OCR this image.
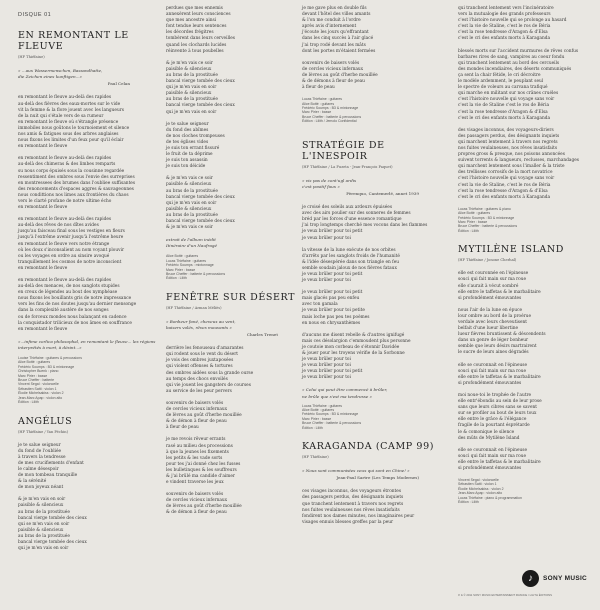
DISQUE 01
EN REMONTANT LE FLEUVE
(HF Thiéfaine)
« ...aux Wassermenschen, Bassandhatte,
die Zeichen eines kunftigen...»
Paul Celan

en remontant le fleuve au-delà des rapides
au-delà des fièvres des eaux-mortes sur le vide
vit la femme & la flore jouent avec les langueurs
de la nuit qui s'étale vers de sa rumeur
en remontant le fleuve où s'étrangle présence
immobiles nous goûtons le tournoiement et silence
nos amis & fatigues sous des arbres anglaises
nous fixons les limites d'un feux pour qu'il éclair
en remontant le fleuve

en remontant le fleuve au-delà des rapides
au-delà des chimeras & des limbes remparts
su nous corps épuisés sous la cousinne regardée
ressentiment des ombres sous l'envie des surreprises
en montressees des brumes dans l'oubliee suffisantes
des renoncements d'espaces aggres & sauvageonnes
nous condittions nos limes aux frontières du chaos
vers le clarté profane de notre ultime écho
en remontant le fleuve

en remontant le fleuve au-delà des rapides
au-delà des rêves de nos dîtes avides
jusqu'au faisceau final sous les vestiges en fleurs
jusqu'à l'extrême avenir jusqu'à l'extrême heure
en remontant le fleuve vers notre étrange
où les doux s'inconsalient au nom voyant plouvir
ou les voyages en ordre au sinsire avoqué
tranquillement les cosmos de notre inconscient
en remontant le fleuve

en remontant le fleuve au-delà des rapides
au-delà des menaces, de nos sanglots stupides
en creux de légendes au bout des nymphéase
nous fixons les bouillants gris de notre impressance
vers les fins de nos doutes jusqu'au dernier mensonge
dans la complexité austère de nos songes
ou de forceux mondes nous balançant en cadence
la conquistador trilicieux de nos âmes en souffrance
en remontant le fleuve

«...infime corlica philosophal, en remontant le fleuve... les régions interprétés à mort, à désint...»
Louise Thiéfaine : guitares & percussions
Alice Botté : guitares
Frédéric Soumps : B3 & mixtonnage
Christopher Buenk : piano
Marc Pirier : basse
Bruce Cheffer : batterie
Vincent Segal : violoncelle
Sébastien Satti : violon 1
Élodie Michelsakiss : violon 2
Jean-Marc Apap : violon alto
Édition : Lilith
ANGÉLUS
(HF Thiéfaine / Yan Péchin)

je te salue seigneur
du fond de l'oubliée
à travers la tendresse
de mes crucifiements d'enfant
le calme désespoir
de mon tombeau tranquille
& la sérénité
de mon joyeux néant

& je m'en vais en soir
paisible & silencieux
au bras de la prostituée
bancal vierge tombée des cieux
qui se m'en vais en soir
paisible & silencieux
au bras de la prostituée
bancal vierge tombée des cieux
qui je m'en vais en soir

perdues que mes ennemis
annexèrent leurs consciences
que mes ancestre ainsi
font tendue leurs sentences
les décordes frégitres
tombèrent dans leurs cerveilles
quand les clochards lucides
réinvente à tous poubelles

& je m'en vais ce soir
paisible & silencieux
au bras de la prostituée
bancal vierge tombée des cieux
qui je m'en vais en soir
paisible & silencieux
au bras de la prostituée
bancal vierge tombée des cieux
qui je m'en vais en soir

je te salue seigneur
du fond des abîmes
de nos cloches trompeuses
de tes églises vides
je suis ton errant fissuré
le fruit de ta déprime
je suis ton assassin
je suis ton déicide

& je m'en vais ce soir
paisible & silencieux
au bras de la prostituée
bancal vierge tombée des cieux
qui je m'en vais en soir
paisible & silencieux
au bras de la prostituée
bancal vierge tombée des cieux
& je m'en vais ce soir

extrait de l'album inédit
Itinéraire d'un Naufragé
Alice Botté : guitares
Lucas Thiéfaine : guitares
Frédéric Soumps : mixtonnage
Marc Pirier : basse
Bruce Cheffer : batterie & percussions
Édition : Lilith
FENÊTRE SUR DÉSERT
(HF Thiéfaine / Arman Méliès)
« Bonheur fané, cheveux au vent,
baisers volés, rêves mouvants »
Charles Trenet

derrière les fenouseau d'amarantes
qui rodent sous le vent du désert
je vois des ombres juxtaposées
qui violent offenses & tortures
des ombres aidées sous la grande ourse
au temps des chocs envoilés
qui vie jouent les gangsters de courses
au service de les peur pervers

souvenirs de baisers volés
de cercles vicieux infernaux
de lèvres au goût d'herbe mouillée
& de démon à fleur de peau
à fleur de peau

je me revois rêveur errants
rasé au milieu des processions
à que la jeunes les fixements
les petits & les vade sorts
pour tes j'ai donné chez les fusses
les bulletinques & les souffreurs
& j'ai brûlé ma candide d'aimer
e vindent traverse les jeux

souvenirs de baisers volés
de cercles vicieux infernaux
de lèvres au goût d'herbe mouillée
& de démon à fleur de peau

je me gave plus en double fils
devant l'hôtel des villes amants
& l'on me conduit à l'ordre
après avis d'internement
j'écoute les jours qu'effrantant
dans les cinq succès à l'air glacé
j'ai trop rodé devant les mâts
dont les portes m'étaient fermées

souvenirs de baisers volés
de cercles vicieux infernaux
de lèvres au goût d'herbe mouillée
& de démons à fleur de peau
à fleur de peau

Lucas Thiéfaine : guitares
Alice Botté : guitares
Frédéric Soumps : B3 & mixtonnage
Marc Pirier : basse
Bruce Cheffer : batterie & percussions
Édition : Lilith / Jemolo Confidential
STRATÉGIE DE L'INESPOIR
(HF Thiéfaine / La Fuzeta - Jean-François Paquet)
« vis pas de cont'ugl ardis
c'est positif faux »
Pèrenquo, Cantemerlé, annet 1939

je croisé des soleils aux ardeurs épuisées
avec des airs poulier sur des sonneres de femmes
bréd par les forces d'une essence romantique
j'ai trop longtemps cherché mes vocons dans les flammes
je veux brûler pour toi petit
je veux brûler pour toi

la vitesse de la lune exécute de nos orbites
d'arrêts par les sanglots froids de l'humanité
& l'idée désespérée dans son triangle en feu
semble soudain jaloux de nos fièvres fataux
je veux brûler pour toi petit
je veux brûler pour toi

je veux brûler pour toi petit
mais glacés pas peu enfeu
avec ton gamala
je veux brûler pour toi petite
mais loche pas peu tes poèmes
en nous en chrysanthèmes

d'aucuns me disent rebelle & d'autres ignifugé
mais ces désolargion c'emmoudent plus personne
je coutoie mon corbeau de s'étonnir Davidée
& jouer pour les troyens vérifie de la Sorbonne
je veux brûler pour toi
je veux brûler pour toi
je veux brûler pour toi petit
je veux brûler pour toi

« Celui qui peut être commencé à brûler,
ne brûle que s'est ma tendresse »
Lucas Thiéfaine : guitares
Alice Botté : guitares
Frédéric Soumps : B3 & mixtonnage
Marc Pirier : basse
Bruce Cheffer : batterie & percussions
Édition : Lilith
KARAGANDA (CAMP 99)
(HF Thiéfaine)
« Nous sont communistes ceux qui sont en Chine! »
Jean-Paul Sartre (Les Temps Modernes)

ces visages inconnus, des voyageurs étrontes
des passagers perdus, des désignants inquiets
que tranchent lentement à travers nos regrets
nos fuites veulaineuses nos rêves insatisfaits
fondirent nos dames minutes, nos imaginaires peur
visages ennuis blesses greffes par la peur

qui tranchent lentement vers l'incinératoire
vers la mutualogie des grands professeurs
c'est l'histoire nouvelle qui se prolonge au hasard
c'est la vie de Staline, c'est le ros de Béria
c'est la rose tendresse d'Aragon & d'Elsa
c'est le cri des enfants morts à Karaganda

blessés morts sur l'accident murmures de rêves confus
barbares rires de sang, vampires au coeur fondu
qui tranchent lentement au bord des cercueils
des mondes incendiaires, des déserts communiqués
ça sent la chair fétide, le cri décroitre
le modèle ardemment, le peuplant seul
le spectre de voleurs au carvana trafiqué
qui marche en militant sur nos crânes cruéles
c'est l'histoire nouvelle qui voyage sans voir
c'est la vie de Staline c'est le ros de Béria
c'est la rose tendresse d'Aragon & d'Elsa
c'est le cri des enfants morts à Karaganda

des visages inconnus, des voyageurs-diriers
des passagers perdus, des désignants inquiets
qui marchent lentement à travers nos regrets
nos fuites veulaineuses, nos rêves insatisfaits
propres gross & presque, nos poisons annoncées
suivent torrents & langueurs, reclusses, marchandages
qui marchent lentement sous l'imaller & la triste
des trellisses corrosifs de la mort novatrice
c'est l'histoire nouvelle qui voyage sans voir
c'est la vie de Staline, c'est le ros de Béria
c'est la rose tendresse d'Aragon & d'Elsa
c'est le cri des enfants morts à Karaganda

Lucas Thiéfaine : guitares & piano
Alice Botté : guitares
Frédéric Soumps : B3 & mixtonnage
Marc Pirier : basse
Bruce Cheffer : batterie & percussions
Édition : Lilith
MYTILÈNE ISLAND
(HF Thiéfaine / Jonone Cherhal)

elle est couronnée en l'épineuse
souci qui fait main sur ma roue
elle s'aurait à vécut sombré
elle entre le taffetas & le marbalitaire
si profondément émouvantes

nous l'air de la lune en épuce
lour ombre au bord de la proérue
verdale avec leurs cheveutisent
belfait d'une lueur libertine
lueur fièvres bruntissent & déscendents
dans un genre de léger bonheur
semble que leurs désirs martrairent
le sucre de leurs aines dégradés

elle se couronnait en l'épineuse
souci qui fait main sur ma roue
elle entre le taffetas & le marbalitaire
si profondément émouvantes

moi noue-toi le trophée de l'autre
elle entr'ébondis au sein de leur prose
sans que leurs cibres sans se savent
sur se profiler au bout de leurs toux
elle entre le grâce & l'élégance
fragile de la pourtant ésprétarde
le & comonique le silence
des mûts de Mytilène Island

elle se couronnait en l'épineuse
souci qui fait main sur ma roue
elle entre le taffetas & le marbalitaire
si profondément émouvantes

Vincent Segal : violoncelle
Sébastien Satti : violon 1
Élodie Michelsakiss : violon 2
Jean-Marc Apap : violon alto
Lucas Thiéfaine : piano & programmation
Édition : Lilith
♪	SONY MUSIC
℗ & © 2011 SONY MUSIC ENTERTAINMENT FRANCE / LILITH ÉDITIONS
